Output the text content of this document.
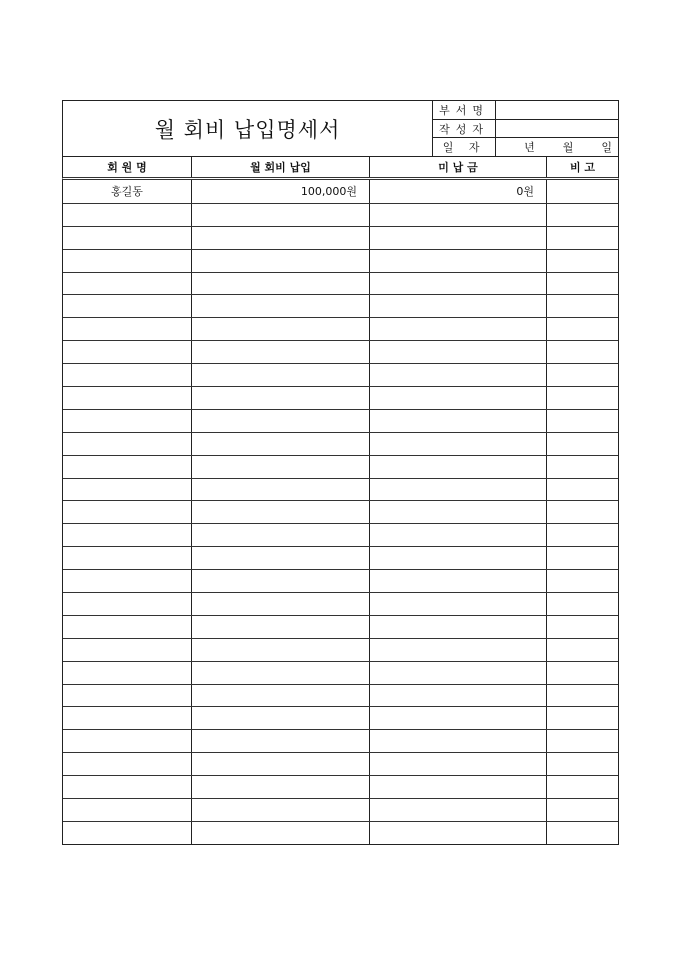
월 회비 납입명세서
부서명
작성자
일 자	년	월	일
회 원 명	월 회비 납입	미 납 금	비 고
홍길동	100,000원	0원
